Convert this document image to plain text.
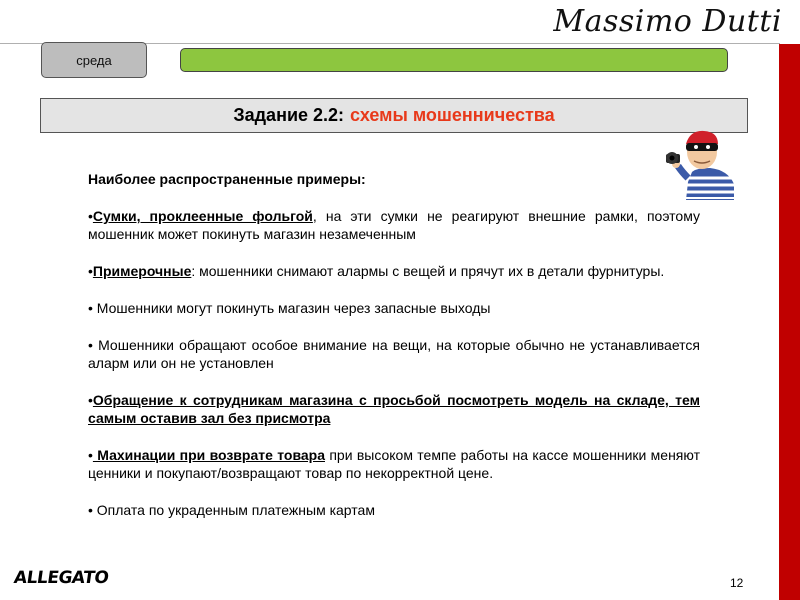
Massimo Dutti
среда
Задание 2.2: схемы мошенничества

Наиболее распространенные примеры:

•Сумки, проклеенные фольгой, на эти сумки не реагируют внешние рамки, поэтому мошенник может покинуть магазин незамеченным

•Примерочные: мошенники снимают алармы с вещей и прячут их в детали фурнитуры.

• Мошенники могут покинуть магазин через запасные выходы

• Мошенники обращают особое внимание на вещи, на которые обычно не устанавливается аларм или он не установлен

•Обращение к сотрудникам магазина с просьбой посмотреть модель на складе, тем самым оставив зал без присмотра

• Махинации при возврате товара при высоком темпе работы на кассе мошенники меняют ценники и покупают/возвращают товар по некорректной цене.

• Оплата по украденным платежным картам

ALLEGATO	12
